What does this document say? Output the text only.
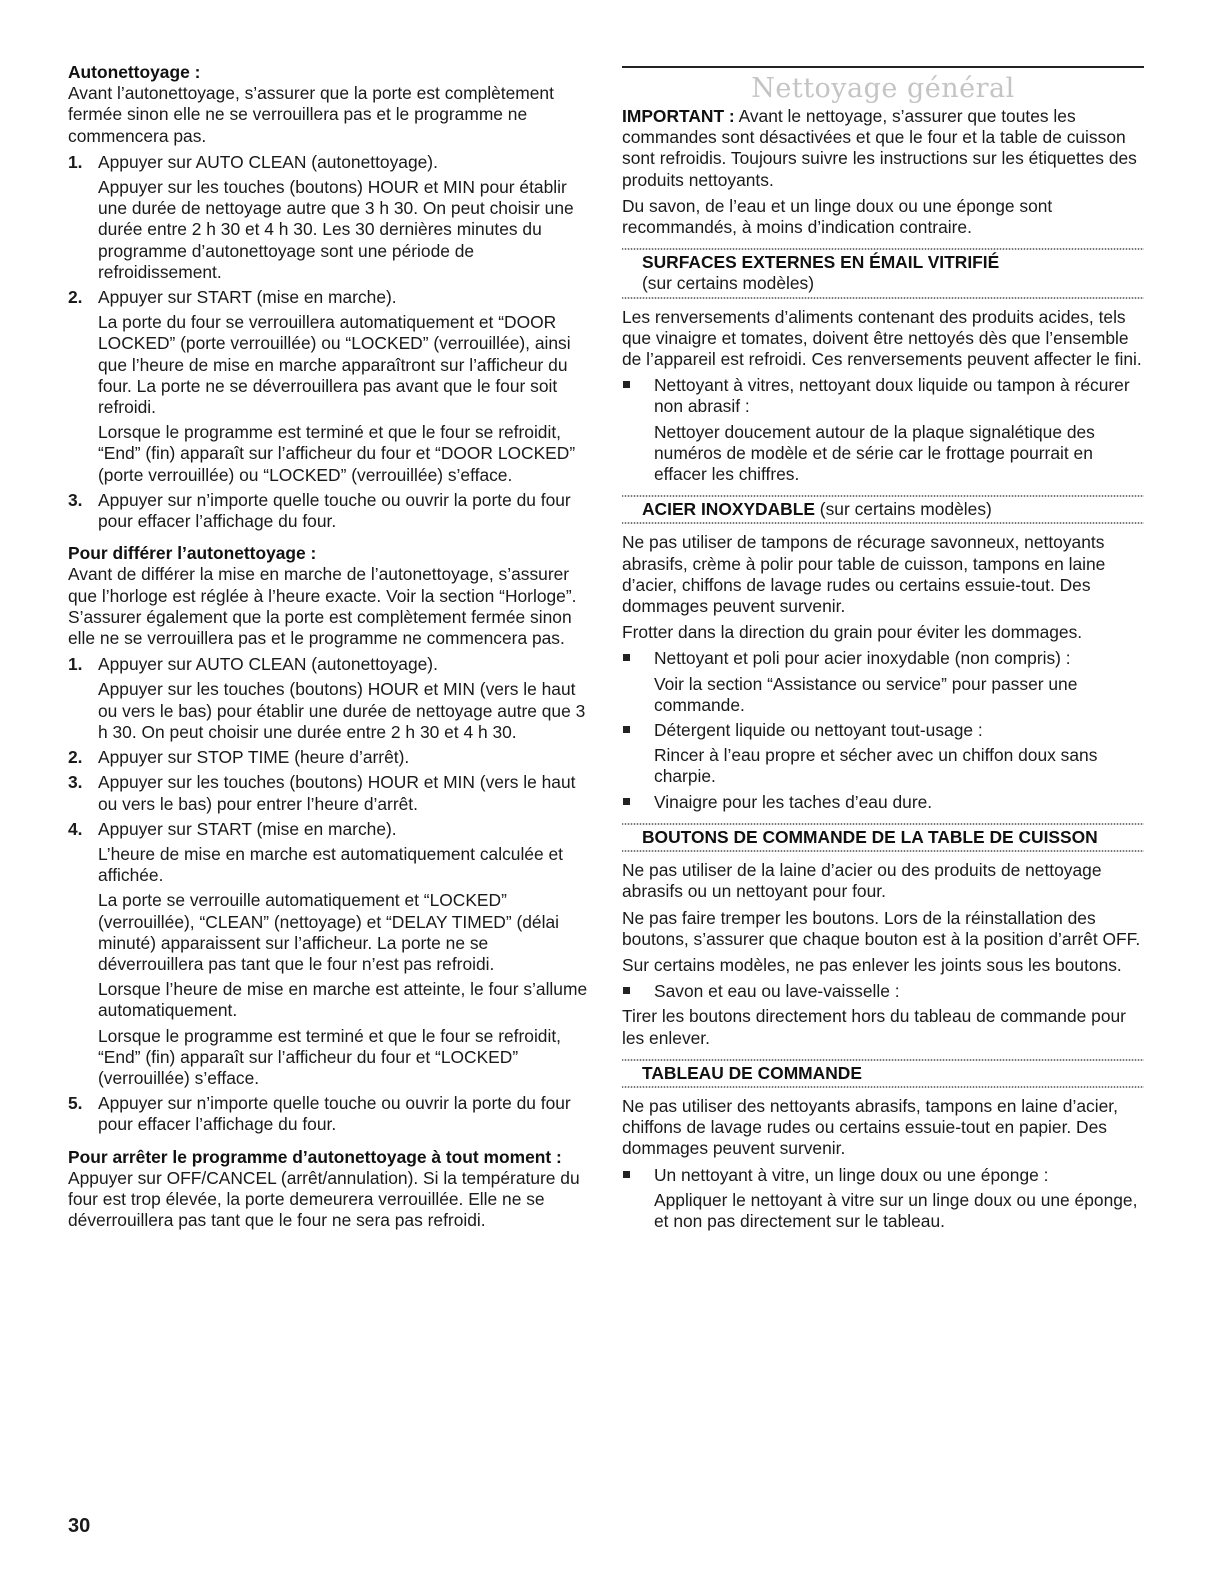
Autonettoyage :

Avant l’autonettoyage, s’assurer que la porte est complètement fermée sinon elle ne se verrouillera pas et le programme ne commencera pas.

1. Appuyer sur AUTO CLEAN (autonettoyage).
Appuyer sur les touches (boutons) HOUR et MIN pour établir une durée de nettoyage autre que 3 h 30. On peut choisir une durée entre 2 h 30 et 4 h 30. Les 30 dernières minutes du programme d’autonettoyage sont une période de refroidissement.
2. Appuyer sur START (mise en marche).
La porte du four se verrouillera automatiquement et “DOOR LOCKED” (porte verrouillée) ou “LOCKED” (verrouillée), ainsi que l’heure de mise en marche apparaîtront sur l’afficheur du four. La porte ne se déverrouillera pas avant que le four soit refroidi.
Lorsque le programme est terminé et que le four se refroidit, “End” (fin) apparaît sur l’afficheur du four et “DOOR LOCKED” (porte verrouillée) ou “LOCKED” (verrouillée) s’efface.
3. Appuyer sur n’importe quelle touche ou ouvrir la porte du four pour effacer l’affichage du four.

Pour différer l’autonettoyage :

Avant de différer la mise en marche de l’autonettoyage, s’assurer que l’horloge est réglée à l’heure exacte. Voir la section “Horloge”. S’assurer également que la porte est complètement fermée sinon elle ne se verrouillera pas et le programme ne commencera pas.

1. Appuyer sur AUTO CLEAN (autonettoyage).
Appuyer sur les touches (boutons) HOUR et MIN (vers le haut ou vers le bas) pour établir une durée de nettoyage autre que 3 h 30. On peut choisir une durée entre 2 h 30 et 4 h 30.
2. Appuyer sur STOP TIME (heure d’arrêt).
3. Appuyer sur les touches (boutons) HOUR et MIN (vers le haut ou vers le bas) pour entrer l’heure d’arrêt.
4. Appuyer sur START (mise en marche).
L’heure de mise en marche est automatiquement calculée et affichée.
La porte se verrouille automatiquement et “LOCKED” (verrouillée), “CLEAN” (nettoyage) et “DELAY TIMED” (délai minuté) apparaissent sur l’afficheur. La porte ne se déverrouillera pas tant que le four n’est pas refroidi.
Lorsque l’heure de mise en marche est atteinte, le four s’allume automatiquement.
Lorsque le programme est terminé et que le four se refroidit, “End” (fin) apparaît sur l’afficheur du four et “LOCKED” (verrouillée) s’efface.
5. Appuyer sur n’importe quelle touche ou ouvrir la porte du four pour effacer l’affichage du four.

Pour arrêter le programme d’autonettoyage à tout moment :

Appuyer sur OFF/CANCEL (arrêt/annulation). Si la température du four est trop élevée, la porte demeurera verrouillée. Elle ne se déverrouillera pas tant que le four ne sera pas refroidi.

Nettoyage général

IMPORTANT : Avant le nettoyage, s’assurer que toutes les commandes sont désactivées et que le four et la table de cuisson sont refroidis. Toujours suivre les instructions sur les étiquettes des produits nettoyants.

Du savon, de l’eau et un linge doux ou une éponge sont recommandés, à moins d’indication contraire.

SURFACES EXTERNES EN ÉMAIL VITRIFIÉ
(sur certains modèles)

Les renversements d’aliments contenant des produits acides, tels que vinaigre et tomates, doivent être nettoyés dès que l’ensemble de l’appareil est refroidi. Ces renversements peuvent affecter le fini.

Nettoyant à vitres, nettoyant doux liquide ou tampon à récurer non abrasif :
Nettoyer doucement autour de la plaque signalétique des numéros de modèle et de série car le frottage pourrait en effacer les chiffres.
ACIER INOXYDABLE (sur certains modèles)

Ne pas utiliser de tampons de récurage savonneux, nettoyants abrasifs, crème à polir pour table de cuisson, tampons en laine d’acier, chiffons de lavage rudes ou certains essuie-tout. Des dommages peuvent survenir.

Frotter dans la direction du grain pour éviter les dommages.

Nettoyant et poli pour acier inoxydable (non compris) :
Voir la section “Assistance ou service” pour passer une commande.
Détergent liquide ou nettoyant tout-usage :
Rincer à l’eau propre et sécher avec un chiffon doux sans charpie.
Vinaigre pour les taches d’eau dure.
BOUTONS DE COMMANDE DE LA TABLE DE CUISSON

Ne pas utiliser de la laine d’acier ou des produits de nettoyage abrasifs ou un nettoyant pour four.

Ne pas faire tremper les boutons. Lors de la réinstallation des boutons, s’assurer que chaque bouton est à la position d’arrêt OFF.

Sur certains modèles, ne pas enlever les joints sous les boutons.

Savon et eau ou lave-vaisselle :

Tirer les boutons directement hors du tableau de commande pour les enlever.

TABLEAU DE COMMANDE

Ne pas utiliser des nettoyants abrasifs, tampons en laine d’acier, chiffons de lavage rudes ou certains essuie-tout en papier. Des dommages peuvent survenir.

Un nettoyant à vitre, un linge doux ou une éponge :
Appliquer le nettoyant à vitre sur un linge doux ou une éponge, et non pas directement sur le tableau.
30
